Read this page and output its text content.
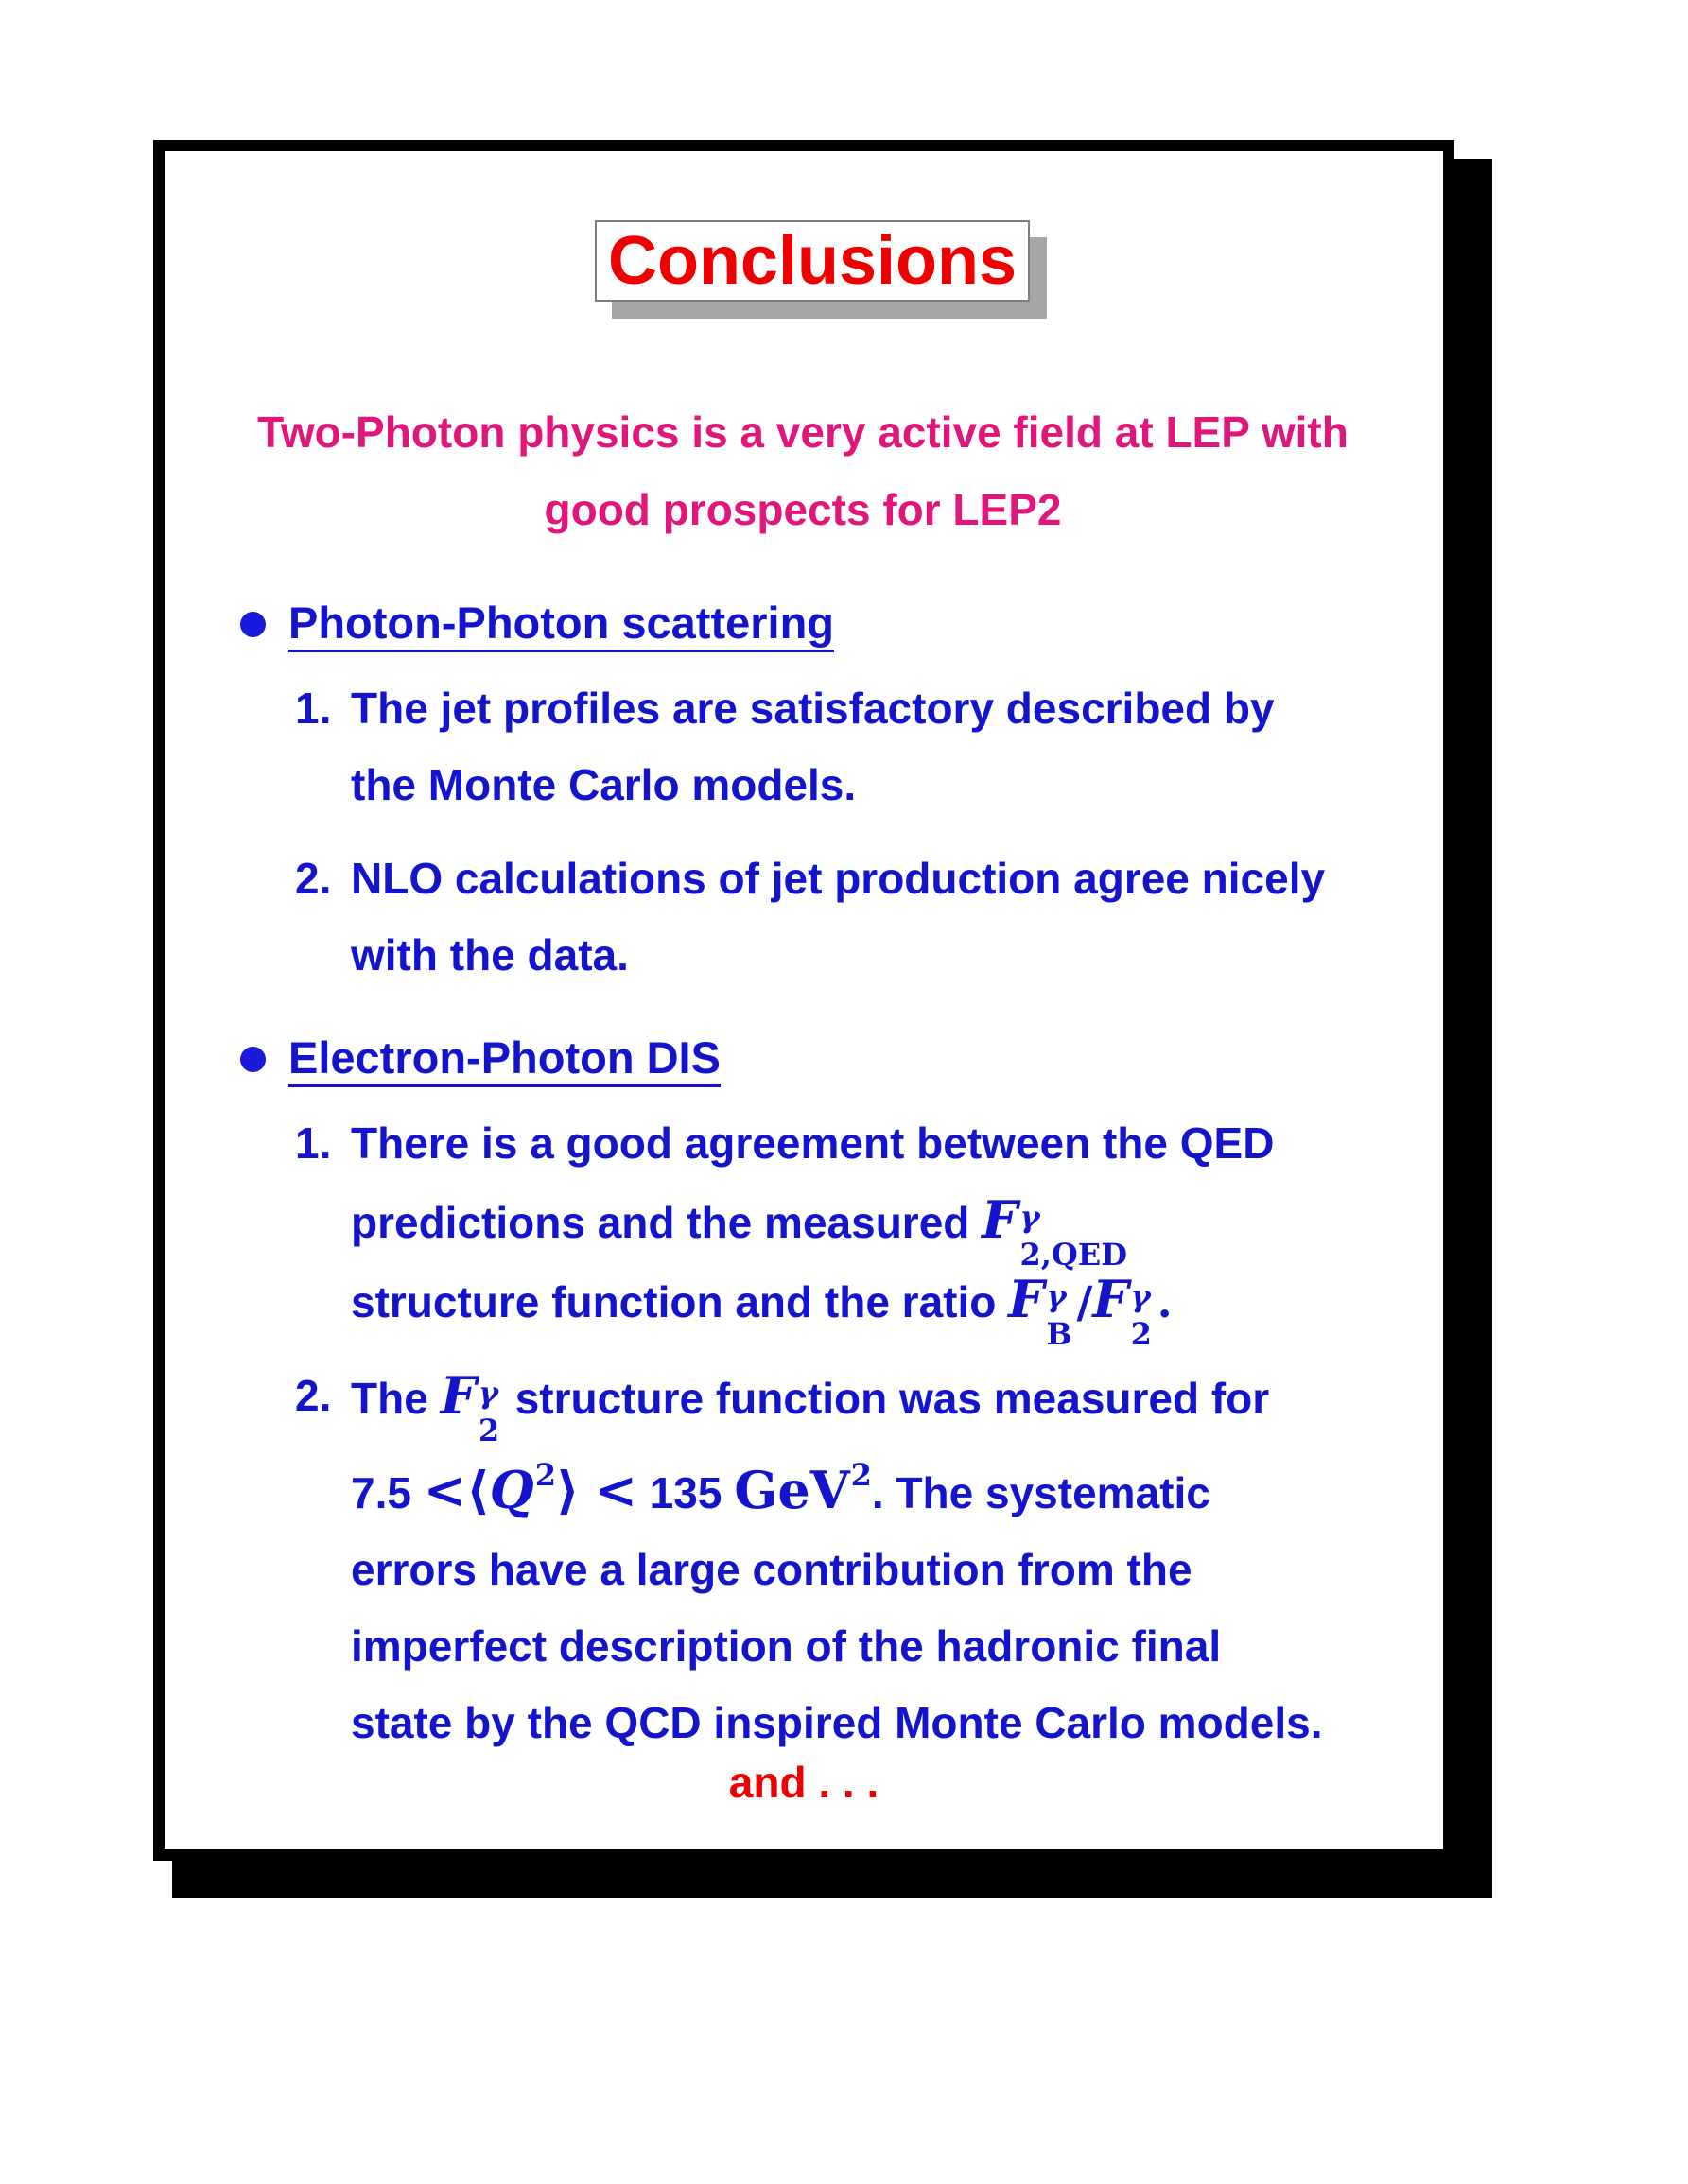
Conclusions
Two-Photon physics is a very active field at LEP with
good prospects for LEP2
Photon-Photon scattering
1. The jet profiles are satisfactory described by
the Monte Carlo models.
2. NLO calculations of jet production agree nicely
with the data.
Electron-Photon DIS
1. There is a good agreement between the QED
predictions and the measured F γ
2,QED
structure function and the ratio F γ
B
/F γ
2
.
2. The F γ
2
structure function was measured for
$7.5 <⟨Q^2⟩ < 135$ GeV$^2$. The systematic
errors have a large contribution from the
imperfect description of the hadronic final
state by the QCD inspired Monte Carlo models.
and . . .
